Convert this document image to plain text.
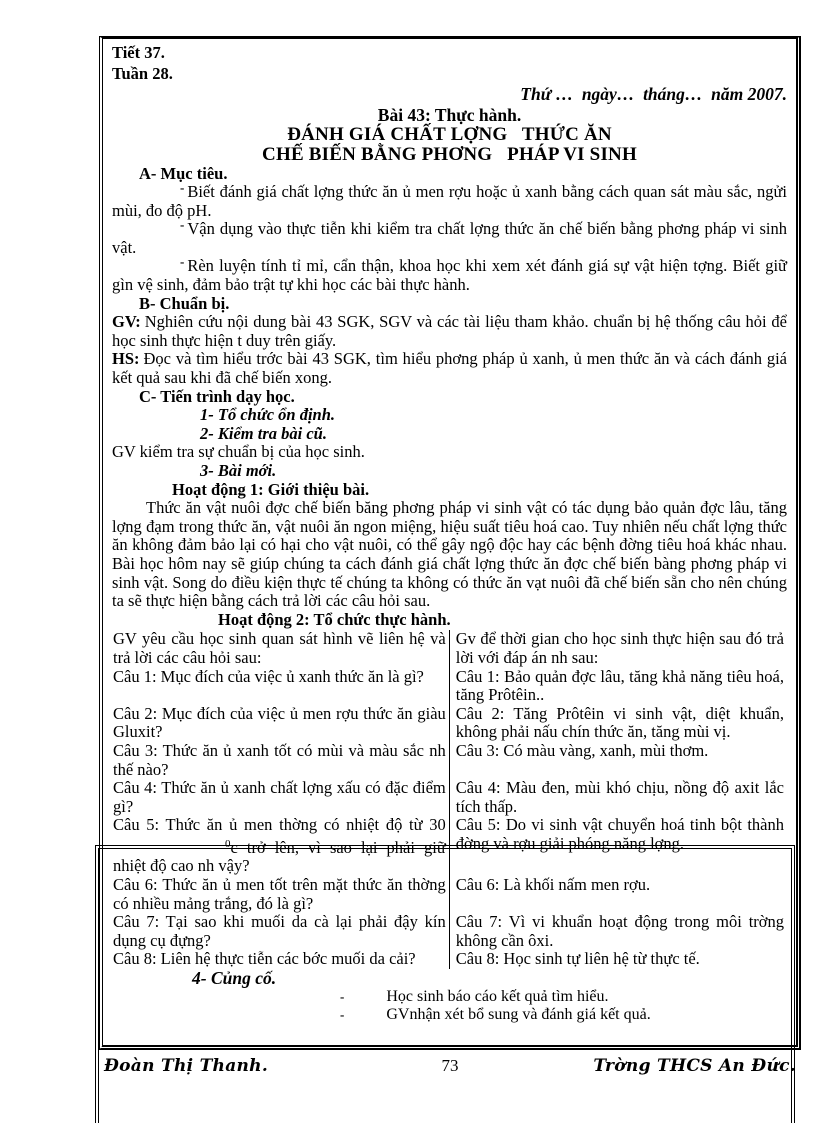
Tiết 37.

Tuần 28.

Thứ …  ngày…  tháng…  năm 2007.

Bài 43: Thực hành.

ĐÁNH GIÁ CHẤT LỢNG   THỨC ĂN

CHẾ BIẾN BẰNG PHƠNG   PHÁP VI SINH

A- Mục tiêu.

- Biết đánh giá chất lợng thức ăn ủ men rợu hoặc ủ xanh bằng cách quan sát màu sắc, ngửi mùi, đo độ pH.

- Vận dụng vào thực tiễn khi kiểm tra chất lợng thức ăn chế biến bằng phơng pháp vi sinh vật.

- Rèn luyện tính tỉ mỉ, cẩn thận, khoa học khi xem xét đánh giá sự vật hiện tợng. Biết giữ gìn vệ sinh, đảm bảo trật tự khi học các bài thực hành.

B- Chuẩn bị.

GV: Nghiên cứu nội dung bài 43 SGK, SGV và các tài liệu tham khảo. chuẩn bị hệ thống câu hỏi để học sinh thực hiện t duy trên giấy.

HS: Đọc và tìm hiểu trớc bài 43 SGK, tìm hiểu phơng pháp ủ xanh, ủ men thức ăn và cách đánh giá kết quả sau khi đã chế biến xong.

C- Tiến trình dạy học.

1- Tổ chức ổn định.

2- Kiểm tra bài cũ.

GV kiểm tra sự chuẩn bị của học sinh.

3- Bài mới.

Hoạt động 1: Giới thiệu bài.

Thức ăn vật nuôi đợc chế biến băng phơng pháp vi sinh vật có tác dụng bảo quản đợc lâu, tăng lợng đạm trong thức ăn, vật nuôi ăn ngon miệng, hiệu suất tiêu hoá cao. Tuy nhiên nếu chất lợng thức ăn không đảm bảo lại có hại cho vật nuôi, có thể gây ngộ độc hay các bệnh đờng tiêu hoá khác nhau. Bài học hôm nay sẽ giúp chúng ta cách đánh giá chất lợng thức ăn đợc chế biến bàng phơng pháp vi sinh vật. Song do điều kiện thực tế chúng ta không có thức ăn vạt nuôi đã chế biến sẵn cho nên chúng ta sẽ thực hiện bằng cách trả lời các câu hỏi sau.

Hoạt động 2: Tổ chức thực hành.

GV yêu cầu học sinh quan sát hình vẽ liên hệ và trả lời các câu hỏi sau:	Gv để thời gian cho học sinh thực hiện sau đó trả lời với đáp án nh sau:
Câu 1: Mục đích của việc ủ xanh thức ăn là gì?	Câu 1: Bảo quản đợc lâu, tăng khả năng tiêu hoá, tăng Prôtêin..
Câu 2: Mục đích của việc ủ men rợu thức ăn giàu Gluxit?	Câu 2: Tăng Prôtêin vi sinh vật, diệt khuẩn, không phải nấu chín thức ăn, tăng mùi vị.
Câu 3: Thức ăn ủ xanh tốt có mùi và màu sắc nh thế nào?	Câu 3: Có màu vàng, xanh, mùi thơm.
Câu 4: Thức ăn ủ xanh chất lợng xấu có đặc điểm gì?	Câu 4: Màu đen, mùi khó chịu, nồng độ axit lắc tích thấp.
Câu 5: Thức ăn ủ men thờng có nhiệt độ từ $30^0c$ trở lên, vì sao lại phải giữ nhiệt độ cao nh vậy?	Câu 5: Do vi sinh vật chuyển hoá tinh bột thành đờng và rợu giải phóng năng lợng.
Câu 6: Thức ăn ủ men tốt trên mặt thức ăn thờng có nhiều mảng trắng, đó là gì?	Câu 6: Là khối nấm men rợu.
Câu 7: Tại sao khi muối da cà lại phải đậy kín dụng cụ đựng?	Câu 7: Vì vi khuẩn hoạt động trong môi trờng không cần ôxi.
Câu 8: Liên hệ thực tiễn các bớc muối da cải?	Câu 8: Học sinh tự liên hệ từ thực tế.

4- Củng cố.

-	Học sinh báo cáo kết quả tìm hiểu.
-	GVnhận xét bổ sung và đánh giá kết quả.
Đoàn Thị Thanh.	73	Trờng THCS An Đức.
